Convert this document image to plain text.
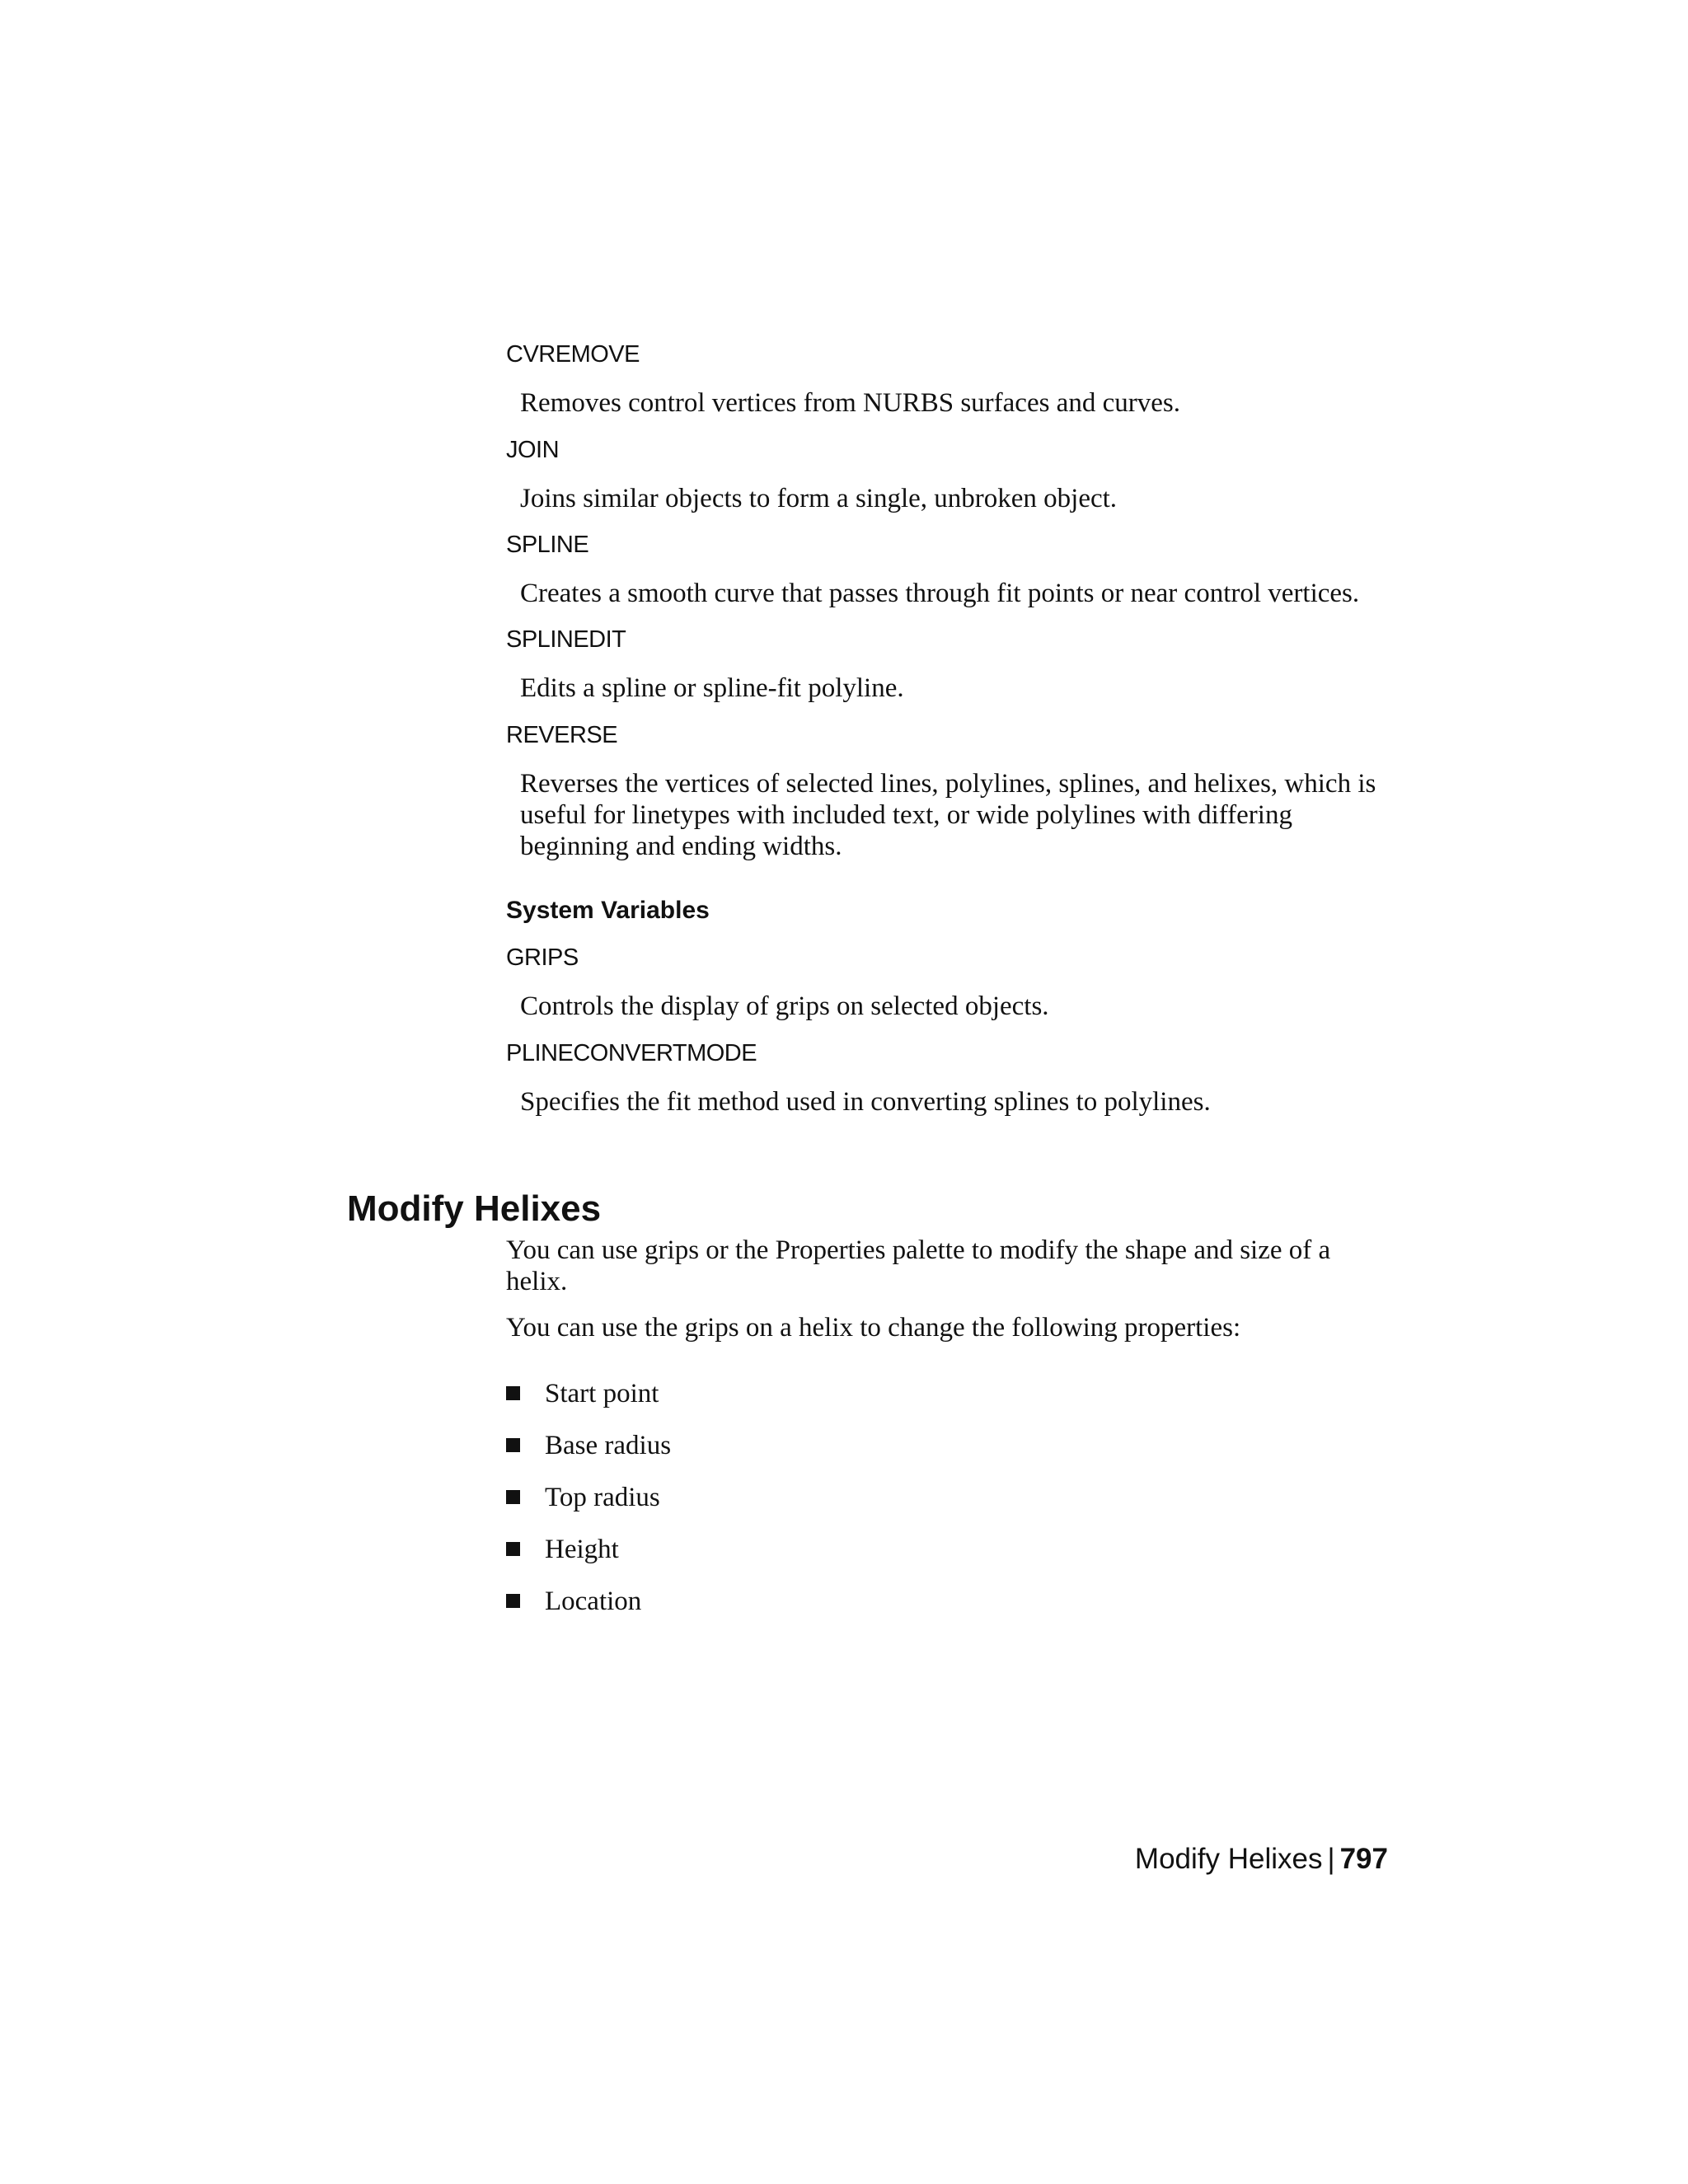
CVREMOVE
Removes control vertices from NURBS surfaces and curves.
JOIN
Joins similar objects to form a single, unbroken object.
SPLINE
Creates a smooth curve that passes through fit points or near control vertices.
SPLINEDIT
Edits a spline or spline-fit polyline.
REVERSE
Reverses the vertices of selected lines, polylines, splines, and helixes, which is useful for linetypes with included text, or wide polylines with differing beginning and ending widths.
System Variables
GRIPS
Controls the display of grips on selected objects.
PLINECONVERTMODE
Specifies the fit method used in converting splines to polylines.
Modify Helixes
You can use grips or the Properties palette to modify the shape and size of a helix.
You can use the grips on a helix to change the following properties:
Start point
Base radius
Top radius
Height
Location
Modify Helixes | 797
